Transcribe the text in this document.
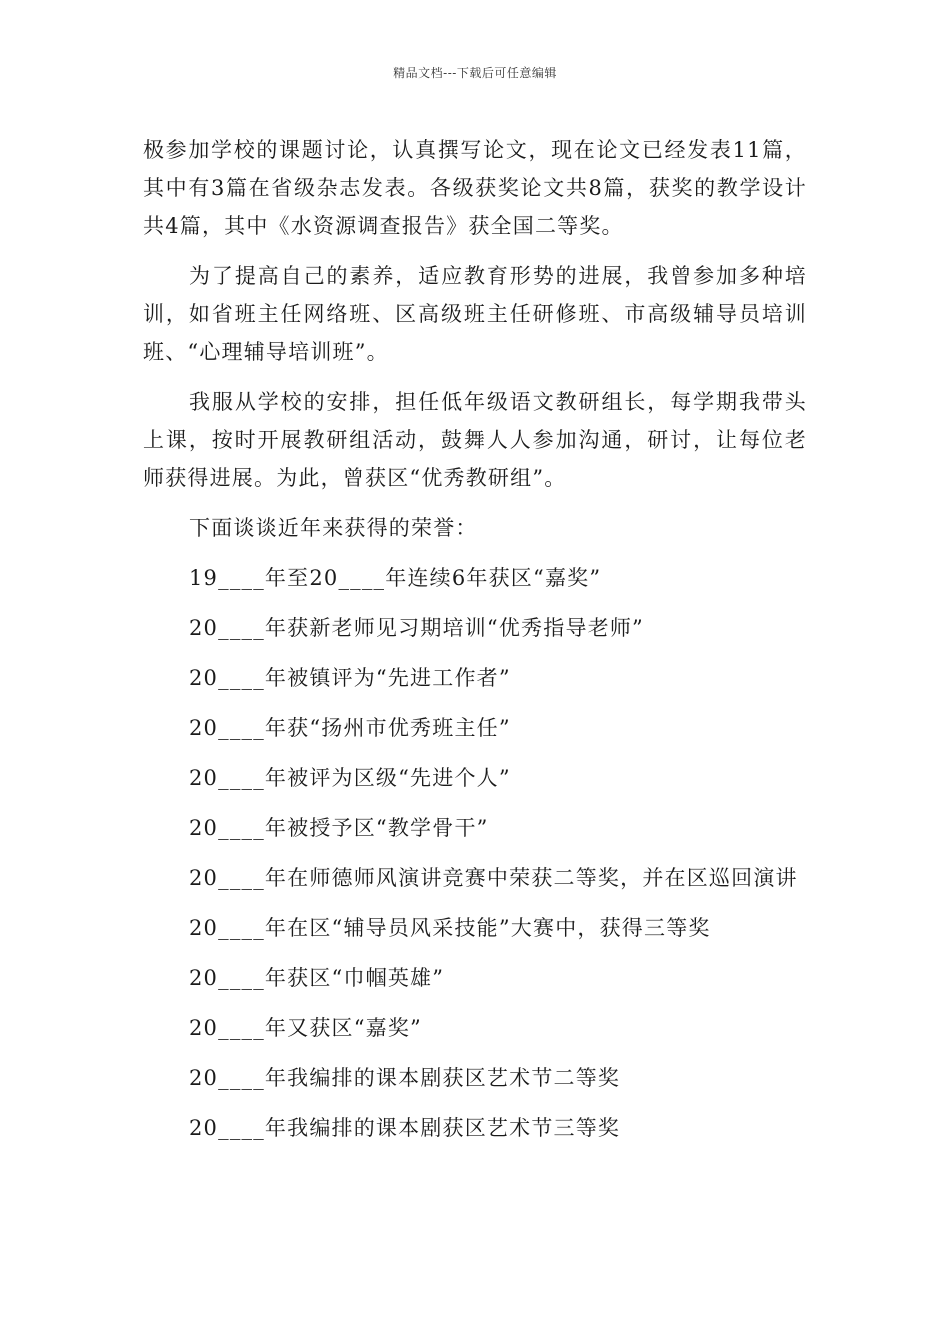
精品文档---下载后可任意编辑

极参加学校的课题讨论，认真撰写论文，现在论文已经发表11篇，其中有3篇在省级杂志发表。各级获奖论文共8篇，获奖的教学设计共4篇，其中《水资源调查报告》获全国二等奖。

为了提高自己的素养，适应教育形势的进展，我曾参加多种培训，如省班主任网络班、区高级班主任研修班、市高级辅导员培训班、“心理辅导培训班”。

我服从学校的安排，担任低年级语文教研组长，每学期我带头上课，按时开展教研组活动，鼓舞人人参加沟通，研讨，让每位老师获得进展。为此，曾获区“优秀教研组”。

下面谈谈近年来获得的荣誉：

19____年至20____年连续6年获区“嘉奖”
20____年获新老师见习期培训“优秀指导老师”
20____年被镇评为“先进工作者”
20____年获“扬州市优秀班主任”
20____年被评为区级“先进个人”
20____年被授予区“教学骨干”
20____年在师德师风演讲竞赛中荣获二等奖，并在区巡回演讲
20____年在区“辅导员风采技能”大赛中，获得三等奖
20____年获区“巾帼英雄”
20____年又获区“嘉奖”
20____年我编排的课本剧获区艺术节二等奖
20____年我编排的课本剧获区艺术节三等奖
